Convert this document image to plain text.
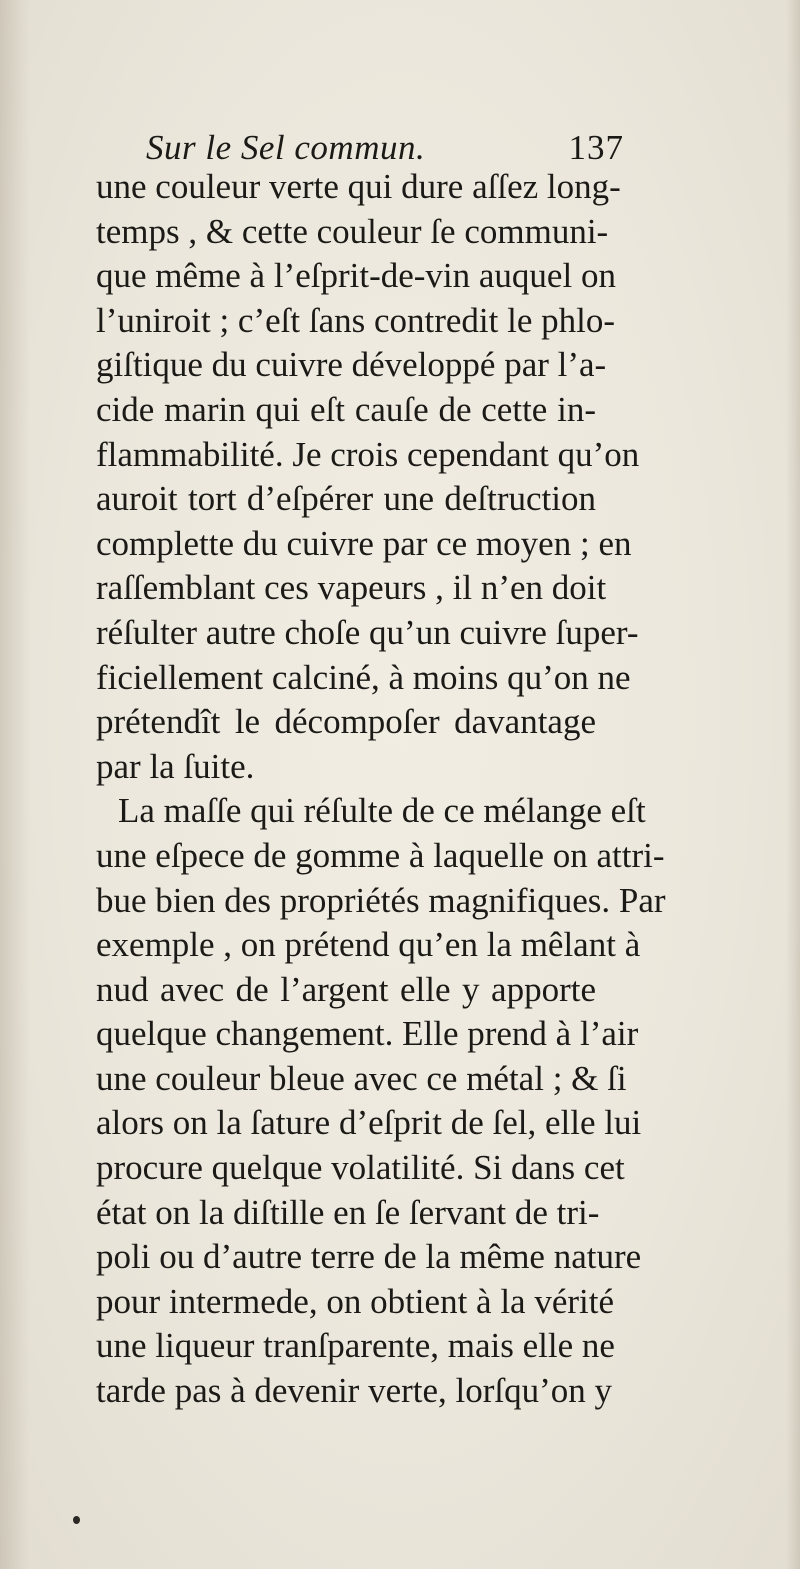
Sur le Sel commun.	137
une couleur verte qui dure aſſez long-
temps , & cette couleur ſe communi-
que même à l’eſprit-de-vin auquel on
l’uniroit ; c’eſt ſans contredit le phlo-
giſtique du cuivre développé par l’a-
cide marin qui eſt cauſe de cette in-
flammabilité. Je crois cependant qu’on
auroit tort d’eſpérer une deſtruction
complette du cuivre par ce moyen ; en
raſſemblant ces vapeurs , il n’en doit
réſulter autre choſe qu’un cuivre ſuper-
ficiellement calciné, à moins qu’on ne
prétendît le décompoſer davantage
par la ſuite.
La maſſe qui réſulte de ce mélange eſt
une eſpece de gomme à laquelle on attri-
bue bien des propriétés magnifiques. Par
exemple , on prétend qu’en la mêlant à
nud avec de l’argent elle y apporte
quelque changement. Elle prend à l’air
une couleur bleue avec ce métal ; & ſi
alors on la ſature d’eſprit de ſel, elle lui
procure quelque volatilité. Si dans cet
état on la diſtille en ſe ſervant de tri-
poli ou d’autre terre de la même nature
pour intermede, on obtient à la vérité
une liqueur tranſparente, mais elle ne
tarde pas à devenir verte, lorſqu’on y
